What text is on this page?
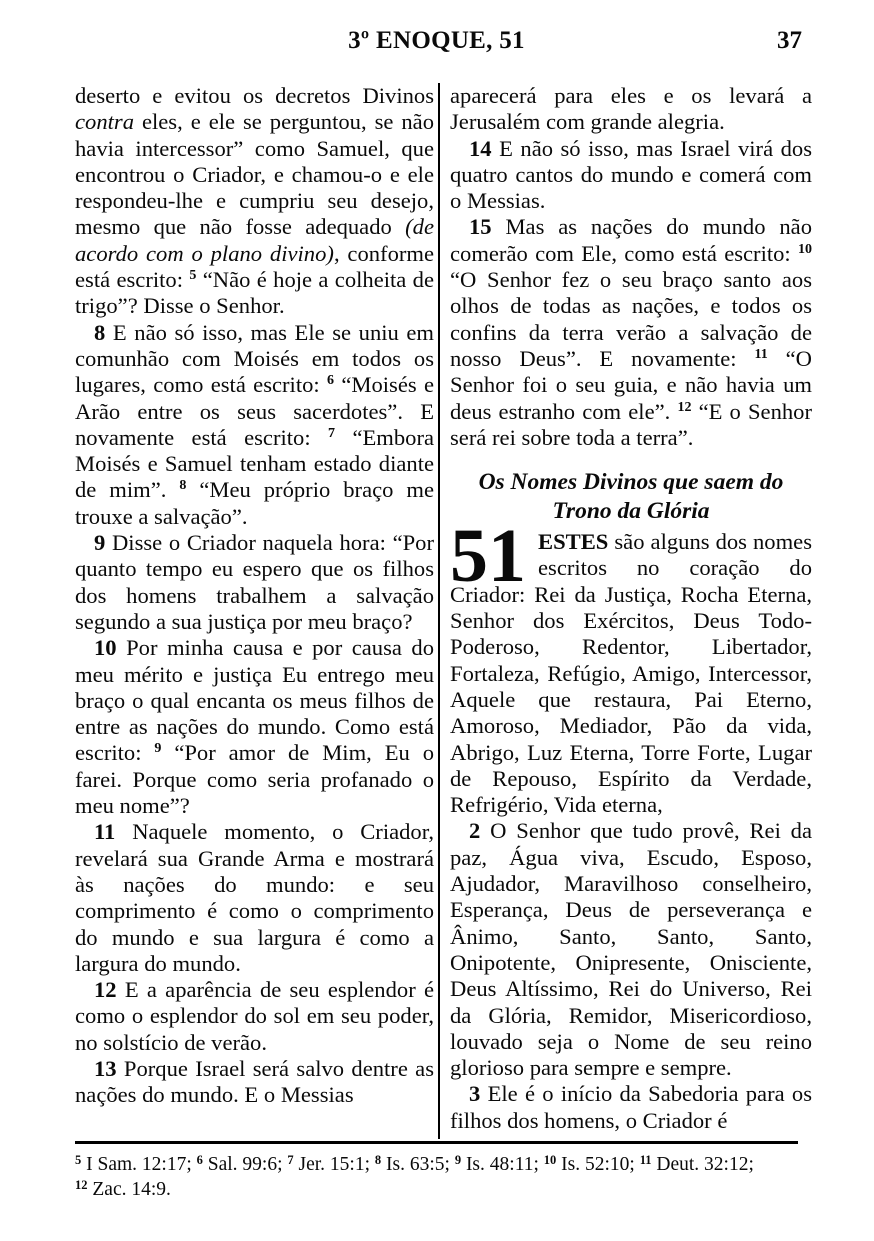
3º ENOQUE, 51	37

deserto e evitou os decretos Divinos contra eles, e ele se perguntou, se não havia intercessor” como Samuel, que encontrou o Criador, e chamou-o e ele respondeu-lhe e cumpriu seu desejo, mesmo que não fosse adequado (de acordo com o plano divino), conforme está escrito: $^5$ “Não é hoje a colheita de trigo”? Disse o Senhor.

8 E não só isso, mas Ele se uniu em comunhão com Moisés em todos os lugares, como está escrito: $^6$ “Moisés e Arão entre os seus sacerdotes”. E novamente está escrito: $^7$ “Embora Moisés e Samuel tenham estado diante de mim”. $^8$ “Meu próprio braço me trouxe a salvação”.

9 Disse o Criador naquela hora: “Por quanto tempo eu espero que os filhos dos homens trabalhem a salvação segundo a sua justiça por meu braço?

10 Por minha causa e por causa do meu mérito e justiça Eu entrego meu braço o qual encanta os meus filhos de entre as nações do mundo. Como está escrito: $^9$ “Por amor de Mim, Eu o farei. Porque como seria profanado o meu nome”?

11 Naquele momento, o Criador, revelará sua Grande Arma e mostrará às nações do mundo: e seu comprimento é como o comprimento do mundo e sua largura é como a largura do mundo.

12 E a aparência de seu esplendor é como o esplendor do sol em seu poder, no solstício de verão.

13 Porque Israel será salvo dentre as nações do mundo. E o Messias

aparecerá para eles e os levará a Jerusalém com grande alegria.

14 E não só isso, mas Israel virá dos quatro cantos do mundo e comerá com o Messias.

15 Mas as nações do mundo não comerão com Ele, como está escrito: $^{10}$ “O Senhor fez o seu braço santo aos olhos de todas as nações, e todos os confins da terra verão a salvação de nosso Deus”. E novamente: $^{11}$ “O Senhor foi o seu guia, e não havia um deus estranho com ele”. $^{12}$ “E o Senhor será rei sobre toda a terra”.

Os Nomes Divinos que saem do
Trono da Glória

51 ESTES são alguns dos nomes escritos no coração do Criador: Rei da Justiça, Rocha Eterna, Senhor dos Exércitos, Deus Todo-Poderoso, Redentor, Libertador, Fortaleza, Refúgio, Amigo, Intercessor, Aquele que restaura, Pai Eterno, Amoroso, Mediador, Pão da vida, Abrigo, Luz Eterna, Torre Forte, Lugar de Repouso, Espírito da Verdade, Refrigério, Vida eterna,

2 O Senhor que tudo provê, Rei da paz, Água viva, Escudo, Esposo, Ajudador, Maravilhoso conselheiro, Esperança, Deus de perseverança e Ânimo, Santo, Santo, Santo, Onipotente, Onipresente, Onisciente, Deus Altíssimo, Rei do Universo, Rei da Glória, Remidor, Misericordioso, louvado seja o Nome de seu reino glorioso para sempre e sempre.

3 Ele é o início da Sabedoria para os filhos dos homens, o Criador é

$^5$ I Sam. 12:17; $^6$ Sal. 99:6; $^7$ Jer. 15:1; $^8$ Is. 63:5; $^9$ Is. 48:11; $^{10}$ Is. 52:10; $^{11}$ Deut. 32:12;
$^{12}$ Zac. 14:9.
